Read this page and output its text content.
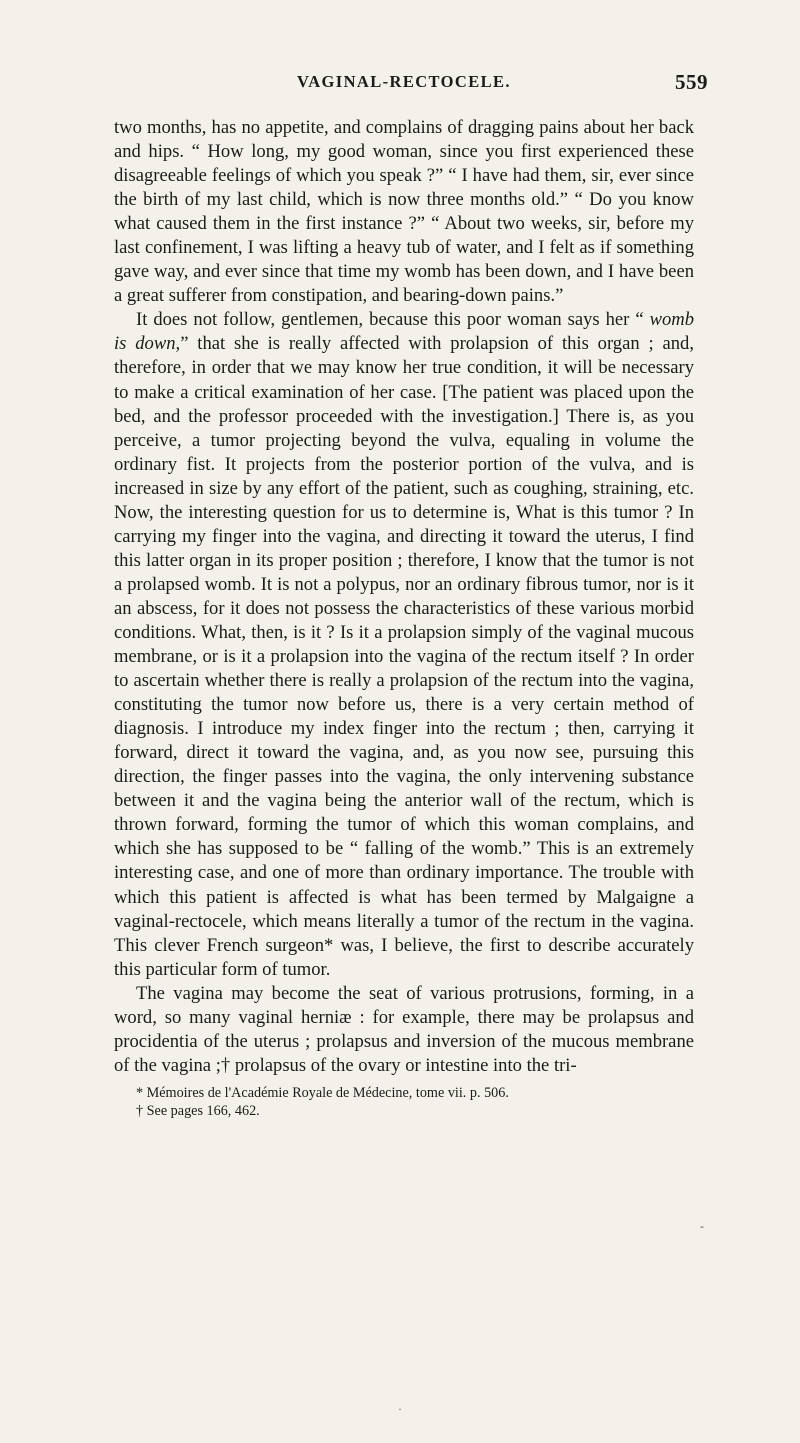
VAGINAL-RECTOCELE.	559

two months, has no appetite, and complains of dragging pains about her back and hips. “ How long, my good woman, since you first experienced these disagreeable feelings of which you speak ?” “ I have had them, sir, ever since the birth of my last child, which is now three months old.” “ Do you know what caused them in the first instance ?” “ About two weeks, sir, before my last confinement, I was lifting a heavy tub of water, and I felt as if something gave way, and ever since that time my womb has been down, and I have been a great sufferer from constipation, and bearing-down pains.”

It does not follow, gentlemen, because this poor woman says her “ womb is down,” that she is really affected with prolapsion of this organ ; and, therefore, in order that we may know her true condition, it will be necessary to make a critical examination of her case. [The patient was placed upon the bed, and the professor proceeded with the investigation.] There is, as you perceive, a tumor projecting beyond the vulva, equaling in volume the ordinary fist. It projects from the posterior portion of the vulva, and is increased in size by any effort of the patient, such as coughing, straining, etc. Now, the interesting question for us to determine is, What is this tumor ? In carrying my finger into the vagina, and directing it toward the uterus, I find this latter organ in its proper position ; therefore, I know that the tumor is not a prolapsed womb. It is not a polypus, nor an ordinary fibrous tumor, nor is it an abscess, for it does not possess the characteristics of these various morbid conditions. What, then, is it ? Is it a prolapsion simply of the vaginal mucous membrane, or is it a prolapsion into the vagina of the rectum itself ? In order to ascertain whether there is really a prolapsion of the rectum into the vagina, constituting the tumor now before us, there is a very certain method of diagnosis. I introduce my index finger into the rectum ; then, carrying it forward, direct it toward the vagina, and, as you now see, pursuing this direction, the finger passes into the vagina, the only intervening substance between it and the vagina being the anterior wall of the rectum, which is thrown forward, forming the tumor of which this woman complains, and which she has supposed to be “ falling of the womb.” This is an extremely interesting case, and one of more than ordinary importance. The trouble with which this patient is affected is what has been termed by Malgaigne a vaginal-rectocele, which means literally a tumor of the rectum in the vagina. This clever French surgeon* was, I believe, the first to describe accurately this particular form of tumor.

The vagina may become the seat of various protrusions, forming, in a word, so many vaginal herniæ : for example, there may be prolapsus and procidentia of the uterus ; prolapsus and inversion of the mucous membrane of the vagina ;† prolapsus of the ovary or intestine into the tri-

* Mémoires de l'Académie Royale de Médecine, tome vii. p. 506.
† See pages 166, 462.
-
·
